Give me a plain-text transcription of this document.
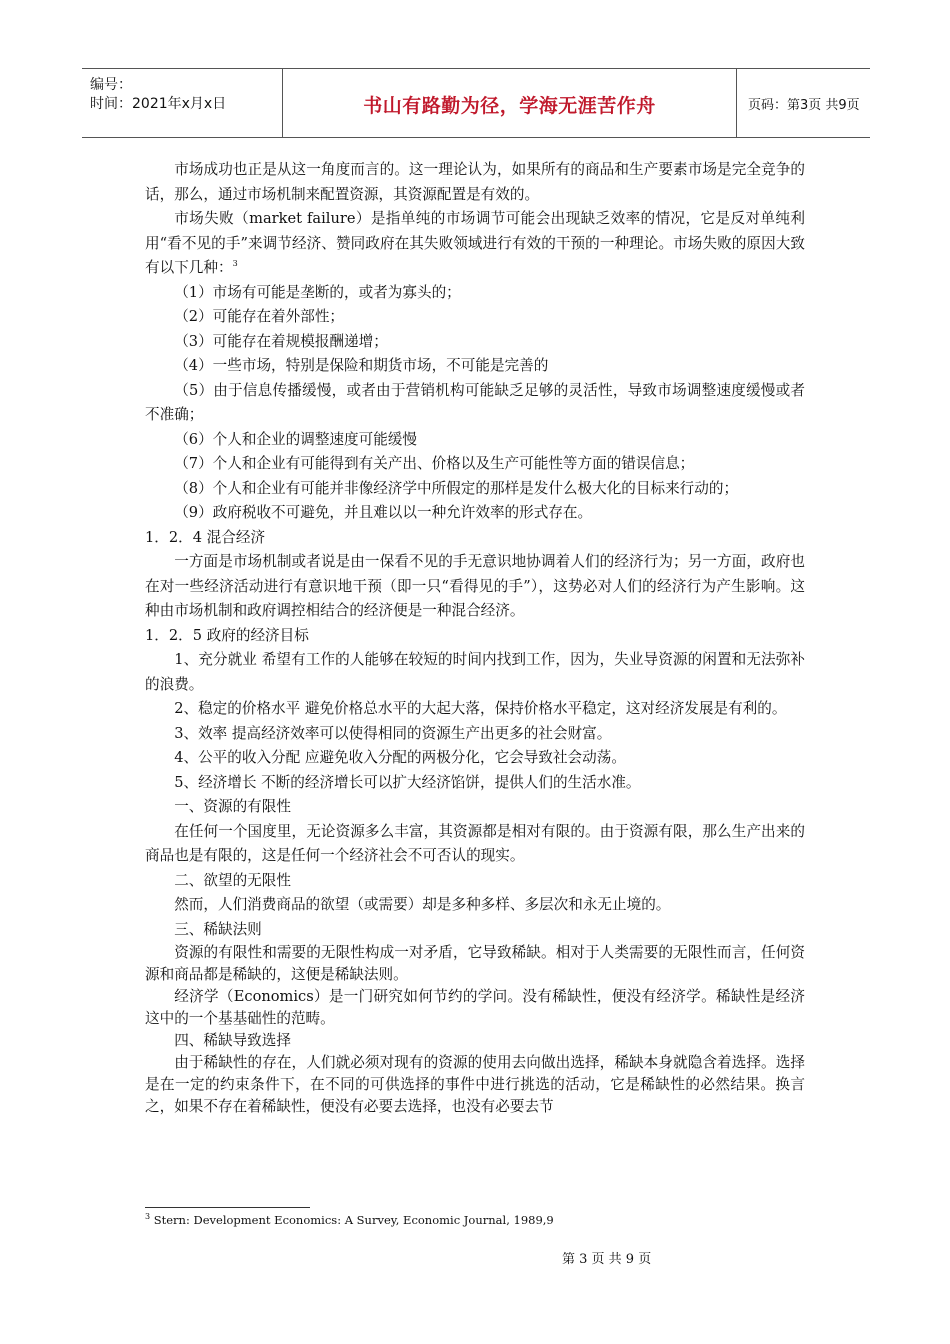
编号：
时间：2021年x月x日	书山有路勤为径，学海无涯苦作舟	页码：第3页 共9页

市场成功也正是从这一角度而言的。这一理论认为，如果所有的商品和生产要素市场是完全竞争的话，那么，通过市场机制来配置资源，其资源配置是有效的。

市场失败（market failure）是指单纯的市场调节可能会出现缺乏效率的情况，它是反对单纯利用“看不见的手”来调节经济、赞同政府在其失败领域进行有效的干预的一种理论。市场失败的原因大致有以下几种：$^3$

（1）市场有可能是垄断的，或者为寡头的；

（2）可能存在着外部性；

（3）可能存在着规模报酬递增；

（4）一些市场，特别是保险和期货市场，不可能是完善的

（5）由于信息传播缓慢，或者由于营销机构可能缺乏足够的灵活性，导致市场调整速度缓慢或者不准确；

（6）个人和企业的调整速度可能缓慢

（7）个人和企业有可能得到有关产出、价格以及生产可能性等方面的错误信息；

（8）个人和企业有可能并非像经济学中所假定的那样是发什么极大化的目标来行动的；

（9）政府税收不可避免，并且难以以一种允许效率的形式存在。

1．2．4 混合经济

一方面是市场机制或者说是由一保看不见的手无意识地协调着人们的经济行为；另一方面，政府也在对一些经济活动进行有意识地干预（即一只“看得见的手”），这势必对人们的经济行为产生影响。这种由市场机制和政府调控相结合的经济便是一种混合经济。

1．2．5 政府的经济目标

1、充分就业 希望有工作的人能够在较短的时间内找到工作，因为，失业导资源的闲置和无法弥补的浪费。

2、稳定的价格水平 避免价格总水平的大起大落，保持价格水平稳定，这对经济发展是有利的。

3、效率 提高经济效率可以使得相同的资源生产出更多的社会财富。

4、公平的收入分配 应避免收入分配的两极分化，它会导致社会动荡。

5、经济增长 不断的经济增长可以扩大经济馅饼，提供人们的生活水准。

一、资源的有限性

在任何一个国度里，无论资源多么丰富，其资源都是相对有限的。由于资源有限，那么生产出来的商品也是有限的，这是任何一个经济社会不可否认的现实。

二、欲望的无限性

然而，人们消费商品的欲望（或需要）却是多种多样、多层次和永无止境的。

三、稀缺法则

资源的有限性和需要的无限性构成一对矛盾，它导致稀缺。相对于人类需要的无限性而言，任何资源和商品都是稀缺的，这便是稀缺法则。

经济学（Economics）是一门研究如何节约的学问。没有稀缺性，便没有经济学。稀缺性是经济这中的一个基基础性的范畴。

四、稀缺导致选择

由于稀缺性的存在，人们就必须对现有的资源的使用去向做出选择，稀缺本身就隐含着选择。选择是在一定的约束条件下，在不同的可供选择的事件中进行挑选的活动，它是稀缺性的必然结果。换言之，如果不存在着稀缺性，便没有必要去选择，也没有必要去节

$^3$ Stern: Development Economics: A Survey, Economic Journal, 1989,9
第 3 页 共 9 页
